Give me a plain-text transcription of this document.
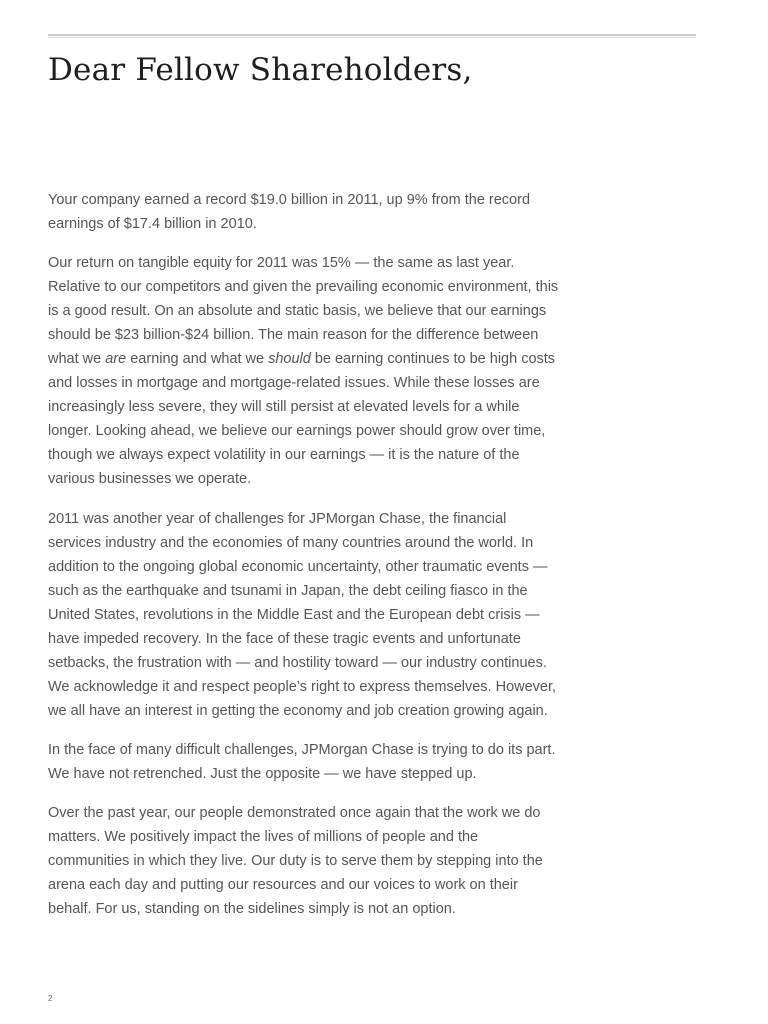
Dear Fellow Shareholders,

Your company earned a record $19.0 billion in 2011, up 9% from the record earnings of $17.4 billion in 2010.

Our return on tangible equity for 2011 was 15% — the same as last year. Relative to our competitors and given the prevailing economic environment, this is a good result. On an absolute and static basis, we believe that our earnings should be $23 billion-$24 billion. The main reason for the difference between what we are earning and what we should be earning continues to be high costs and losses in mortgage and mortgage-related issues. While these losses are increasingly less severe, they will still persist at elevated levels for a while longer. Looking ahead, we believe our earnings power should grow over time, though we always expect volatility in our earnings — it is the nature of the various businesses we operate.

2011 was another year of challenges for JPMorgan Chase, the financial services industry and the economies of many countries around the world. In addition to the ongoing global economic uncertainty, other traumatic events — such as the earthquake and tsunami in Japan, the debt ceiling fiasco in the United States, revolutions in the Middle East and the European debt crisis — have impeded recovery. In the face of these tragic events and unfortunate setbacks, the frustration with — and hostility toward — our industry continues. We acknowledge it and respect people’s right to express themselves. However, we all have an interest in getting the economy and job creation growing again.

In the face of many difficult challenges, JPMorgan Chase is trying to do its part. We have not retrenched. Just the opposite — we have stepped up.

Over the past year, our people demonstrated once again that the work we do matters. We positively impact the lives of millions of people and the communities in which they live. Our duty is to serve them by stepping into the arena each day and putting our resources and our voices to work on their behalf. For us, standing on the sidelines simply is not an option.

2
